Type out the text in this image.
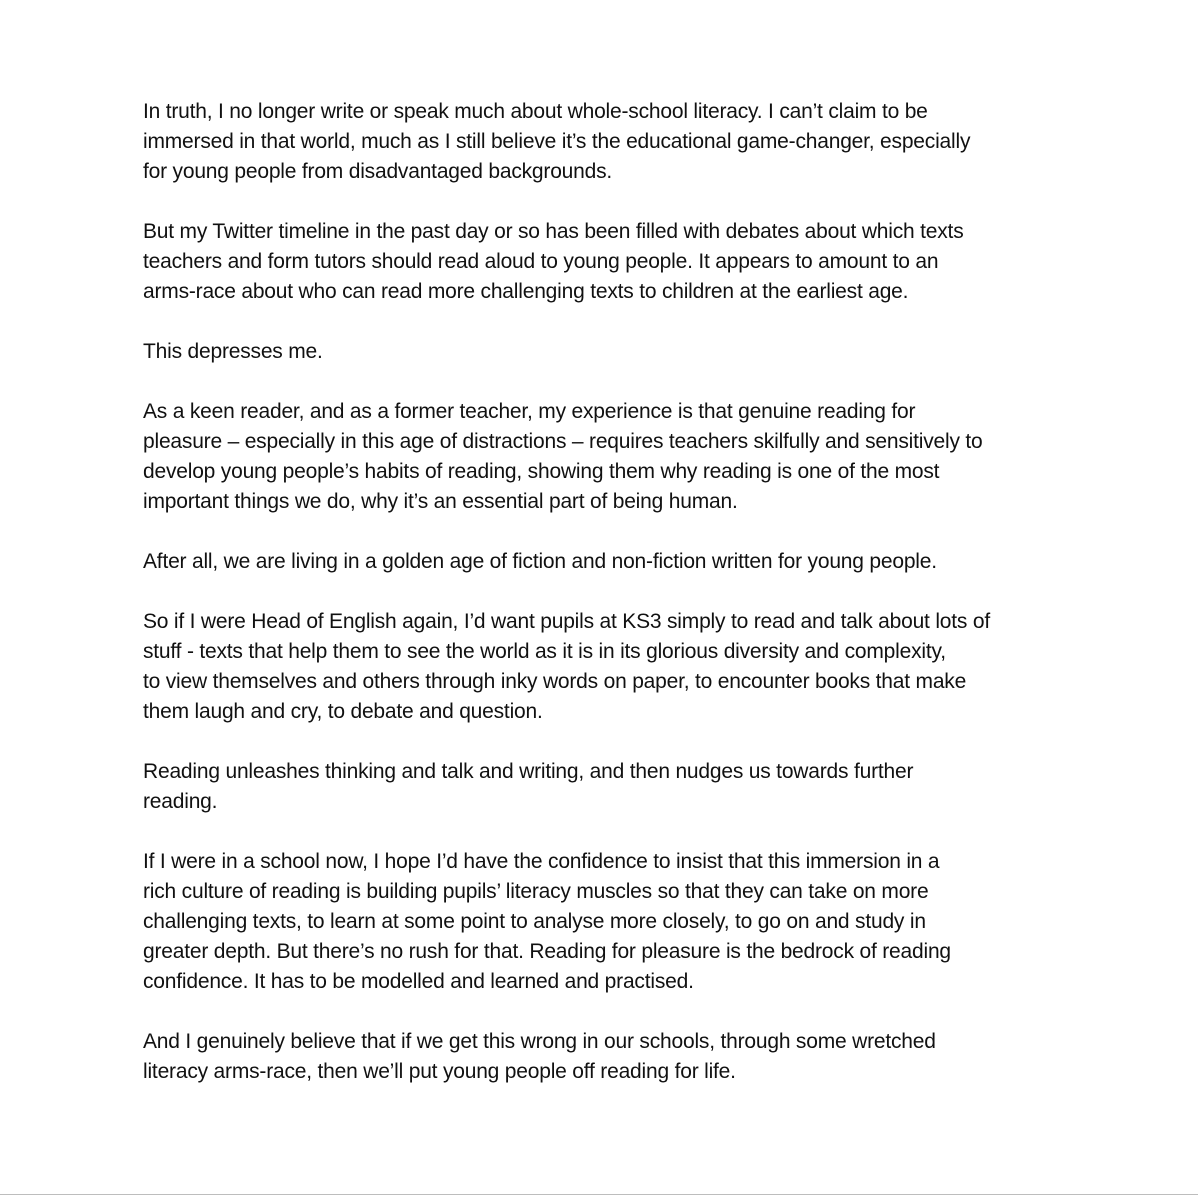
In truth, I no longer write or speak much about whole-school literacy. I can’t claim to be
immersed in that world, much as I still believe it’s the educational game-changer, especially
for young people from disadvantaged backgrounds.

But my Twitter timeline in the past day or so has been filled with debates about which texts
teachers and form tutors should read aloud to young people. It appears to amount to an
arms-race about who can read more challenging texts to children at the earliest age.

This depresses me.

As a keen reader, and as a former teacher, my experience is that genuine reading for
pleasure – especially in this age of distractions – requires teachers skilfully and sensitively to
develop young people’s habits of reading, showing them why reading is one of the most
important things we do, why it’s an essential part of being human.

After all, we are living in a golden age of fiction and non-fiction written for young people.

So if I were Head of English again, I’d want pupils at KS3 simply to read and talk about lots of
stuff - texts that help them to see the world as it is in its glorious diversity and complexity,
to view themselves and others through inky words on paper, to encounter books that make
them laugh and cry, to debate and question.

Reading unleashes thinking and talk and writing, and then nudges us towards further
reading.

If I were in a school now, I hope I’d have the confidence to insist that this immersion in a
rich culture of reading is building pupils’ literacy muscles so that they can take on more
challenging texts, to learn at some point to analyse more closely, to go on and study in
greater depth. But there’s no rush for that. Reading for pleasure is the bedrock of reading
confidence. It has to be modelled and learned and practised.

And I genuinely believe that if we get this wrong in our schools, through some wretched
literacy arms-race, then we’ll put young people off reading for life.
